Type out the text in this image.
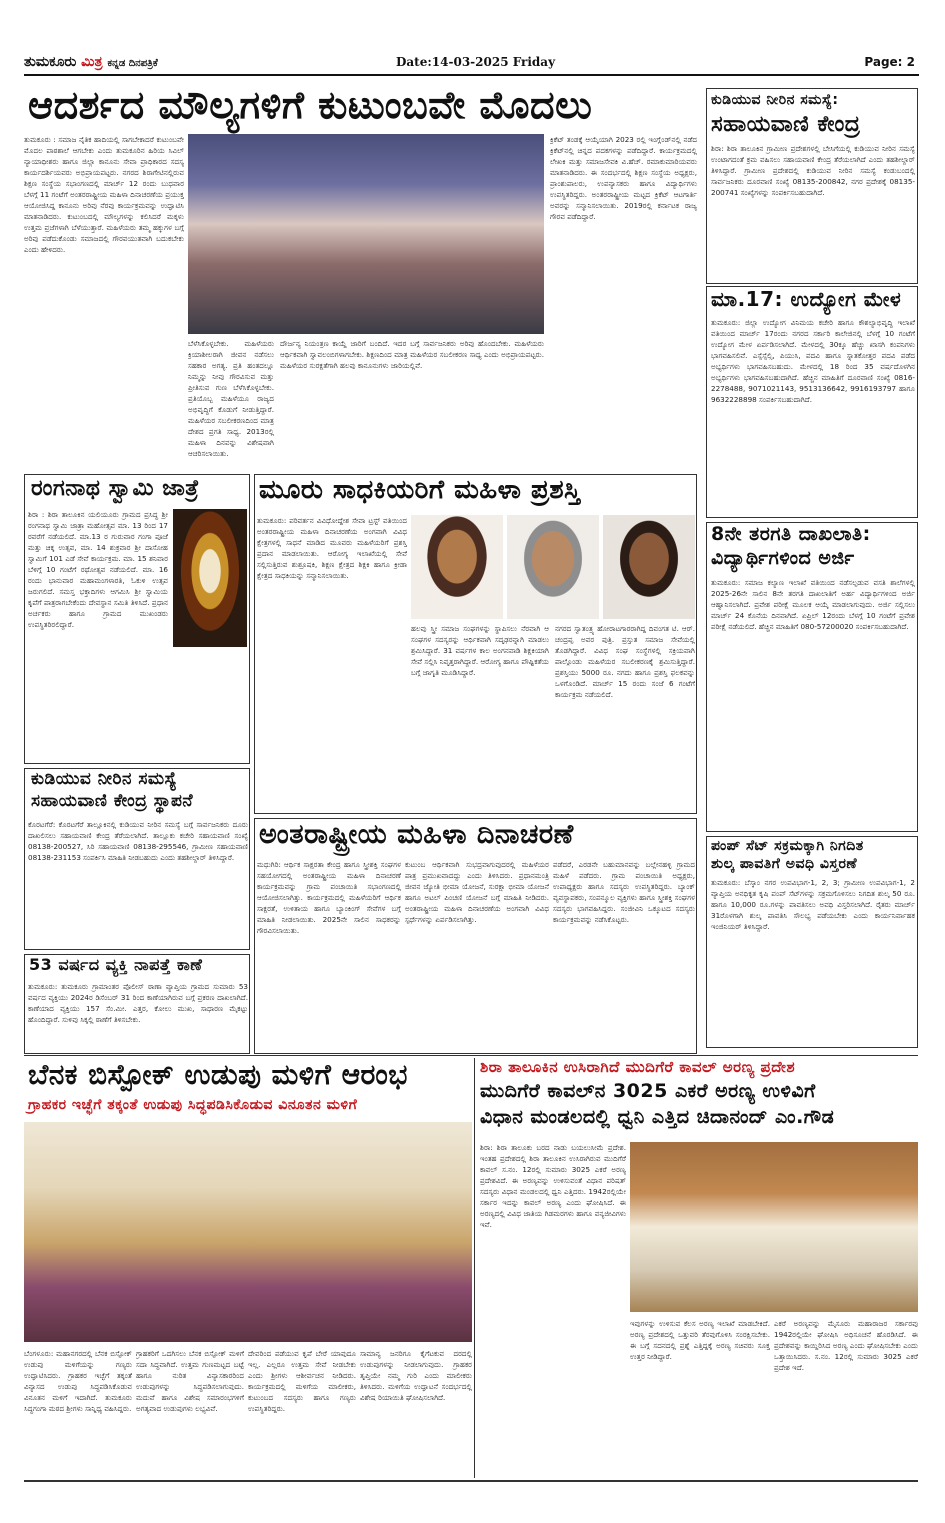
ತುಮಕೂರು ಮಿತ್ರ ಕನ್ನಡ ದಿನಪತ್ರಿಕೆ	Date:14-03-2025 Friday	Page: 2
ಆದರ್ಶದ ಮೌಲ್ಯಗಳಿಗೆ ಕುಟುಂಬವೇ ಮೊದಲು
ತುಮಕೂರು : ಸಮಾಜ ನೈತಿಕ ಹಾದಿಯಲ್ಲಿ ಸಾಗಬೇಕಾದರೆ ಕುಟುಂಬವೇ ಮೊದಲ ಪಾಠಶಾಲೆ ಆಗಬೇಕು ಎಂದು ತುಮಕೂರಿನ ಹಿರಿಯ ಸಿವಿಲ್ ನ್ಯಾಯಾಧೀಶರು ಹಾಗೂ ಜಿಲ್ಲಾ ಕಾನೂನು ಸೇವಾ ಪ್ರಾಧಿಕಾರದ ಸದಸ್ಯ ಕಾರ್ಯದರ್ಶಿಯವರು ಅಭಿಪ್ರಾಯಪಟ್ಟರು. ನಗರದ ಶಿರಾಗೇಟಿನಲ್ಲಿರುವ ಶಿಕ್ಷಣ ಸಂಸ್ಥೆಯ ಸಭಾಂಗಣದಲ್ಲಿ ಮಾರ್ಚ್ 12 ರಂದು ಬುಧವಾರ ಬೆಳಗ್ಗೆ 11 ಗಂಟೆಗೆ ಅಂತರರಾಷ್ಟ್ರೀಯ ಮಹಿಳಾ ದಿನಾಚರಣೆಯ ಪ್ರಯುಕ್ತ ಆಯೋಜಿಸಿದ್ದ ಕಾನೂನು ಅರಿವು ನೆರವು ಕಾರ್ಯಕ್ರಮವನ್ನು ಉದ್ಘಾಟಿಸಿ ಮಾತನಾಡಿದರು. ಕುಟುಂಬದಲ್ಲಿ ಮೌಲ್ಯಗಳನ್ನು ಕಲಿಸಿದರೆ ಮಕ್ಕಳು ಉತ್ತಮ ಪ್ರಜೆಗಳಾಗಿ ಬೆಳೆಯುತ್ತಾರೆ. ಮಹಿಳೆಯರು ತಮ್ಮ ಹಕ್ಕುಗಳ ಬಗ್ಗೆ ಅರಿವು ಪಡೆದುಕೊಂಡು ಸಮಾಜದಲ್ಲಿ ಗೌರವಯುತವಾಗಿ ಬದುಕಬೇಕು ಎಂದು ಹೇಳಿದರು.
ಬೆಳೆಸಿಕೊಳ್ಳಬೇಕು. ಮಹಿಳೆಯರು ಕ್ರಿಯಾಶೀಲರಾಗಿ ಜೀವನ ನಡೆಸಲು ಸಹಕಾರ ಅಗತ್ಯ. ಪ್ರತಿ ಹಂತದಲ್ಲೂ ನಿಮ್ಮನ್ನು ನೀವು ಗೌರವಿಸುವ ಮತ್ತು ಪ್ರೀತಿಸುವ ಗುಣ ಬೆಳೆಸಿಕೊಳ್ಳಬೇಕು. ಪ್ರತಿಯೊಬ್ಬ ಮಹಿಳೆಯೂ ರಾಜ್ಯದ ಅಭಿವೃದ್ಧಿಗೆ ಕೊಡುಗೆ ನೀಡುತ್ತಿದ್ದಾರೆ. ಮಹಿಳೆಯರ ಸಬಲೀಕರಣದಿಂದ ಮಾತ್ರ ದೇಶದ ಪ್ರಗತಿ ಸಾಧ್ಯ. 2013ರಲ್ಲಿ ಮಹಿಳಾ ದಿನವನ್ನು ವಿಶೇಷವಾಗಿ ಆಚರಿಸಲಾಯಿತು.
ದೌರ್ಜನ್ಯ ನಿಯಂತ್ರಣ ಕಾಯ್ದೆ ಜಾರಿಗೆ ಬಂದಿದೆ. ಇದರ ಬಗ್ಗೆ ಸಾರ್ವಜನಿಕರು ಅರಿವು ಹೊಂದಬೇಕು. ಮಹಿಳೆಯರು ಆರ್ಥಿಕವಾಗಿ ಸ್ವಾವಲಂಬಿಗಳಾಗಬೇಕು. ಶಿಕ್ಷಣದಿಂದ ಮಾತ್ರ ಮಹಿಳೆಯರ ಸಬಲೀಕರಣ ಸಾಧ್ಯ ಎಂದು ಅಭಿಪ್ರಾಯಪಟ್ಟರು. ಮಹಿಳೆಯರ ಸುರಕ್ಷತೆಗಾಗಿ ಹಲವು ಕಾನೂನುಗಳು ಜಾರಿಯಲ್ಲಿವೆ.
ಕ್ರಿಕೆಟ್ ತಂಡಕ್ಕೆ ಆಯ್ಕೆಯಾಗಿ 2023 ರಲ್ಲಿ ಇಂಗ್ಲೆಂಡ್‌ನಲ್ಲಿ ನಡೆದ ಕ್ರಿಕೆಟ್‌ನಲ್ಲಿ ಚಿನ್ನದ ಪದಕಗಳನ್ನು ಪಡೆದಿದ್ದಾರೆ. ಕಾರ್ಯಕ್ರಮದಲ್ಲಿ ಲೇಖಕಿ ಮತ್ತು ಸಮಾಜಸೇವಕಿ ವಿ.ಹೆಚ್. ರಮಾಕುಮಾರಿಯವರು ಮಾತನಾಡಿದರು. ಈ ಸಂದರ್ಭದಲ್ಲಿ ಶಿಕ್ಷಣ ಸಂಸ್ಥೆಯ ಅಧ್ಯಕ್ಷರು, ಪ್ರಾಂಶುಪಾಲರು, ಉಪನ್ಯಾಸಕರು ಹಾಗೂ ವಿದ್ಯಾರ್ಥಿಗಳು ಉಪಸ್ಥಿತರಿದ್ದರು. ಅಂತರರಾಷ್ಟ್ರೀಯ ಮಟ್ಟದ ಕ್ರಿಕೆಟ್ ಆಟಗಾರ್ತಿ ಅವರನ್ನು ಸನ್ಮಾನಿಸಲಾಯಿತು. 2019ರಲ್ಲಿ ಕರ್ನಾಟಕ ರಾಜ್ಯ ಗೌರವ ಪಡೆದಿದ್ದಾರೆ.
ಕುಡಿಯುವ ನೀರಿನ ಸಮಸ್ಯೆ:
ಸಹಾಯವಾಣಿ ಕೇಂದ್ರ
ಶಿರಾ: ಶಿರಾ ತಾಲೂಕಿನ ಗ್ರಾಮೀಣ ಪ್ರದೇಶಗಳಲ್ಲಿ ಬೇಸಿಗೆಯಲ್ಲಿ ಕುಡಿಯುವ ನೀರಿನ ಸಮಸ್ಯೆ ಉಂಟಾಗದಂತೆ ಕ್ರಮ ವಹಿಸಲು ಸಹಾಯವಾಣಿ ಕೇಂದ್ರ ತೆರೆಯಲಾಗಿದೆ ಎಂದು ತಹಶೀಲ್ದಾರ್ ತಿಳಿಸಿದ್ದಾರೆ. ಗ್ರಾಮೀಣ ಪ್ರದೇಶದಲ್ಲಿ ಕುಡಿಯುವ ನೀರಿನ ಸಮಸ್ಯೆ ಕಂಡುಬಂದಲ್ಲಿ ಸಾರ್ವಜನಿಕರು ದೂರವಾಣಿ ಸಂಖ್ಯೆ 08135-200842, ನಗರ ಪ್ರದೇಶಕ್ಕೆ 08135-200741 ಸಂಖ್ಯೆಗಳನ್ನು ಸಂಪರ್ಕಿಸಬಹುದಾಗಿದೆ.
ಮಾ.17: ಉದ್ಯೋಗ ಮೇಳ
ತುಮಕೂರು: ಜಿಲ್ಲಾ ಉದ್ಯೋಗ ವಿನಿಮಯ ಕಚೇರಿ ಹಾಗೂ ಕೌಶಲ್ಯಾಭಿವೃದ್ಧಿ ಇಲಾಖೆ ವತಿಯಿಂದ ಮಾರ್ಚ್ 17ರಂದು ನಗರದ ಸರ್ಕಾರಿ ಕಾಲೇಜಿನಲ್ಲಿ ಬೆಳಗ್ಗೆ 10 ಗಂಟೆಗೆ ಉದ್ಯೋಗ ಮೇಳ ಏರ್ಪಡಿಸಲಾಗಿದೆ. ಮೇಳದಲ್ಲಿ 30ಕ್ಕೂ ಹೆಚ್ಚು ಖಾಸಗಿ ಕಂಪನಿಗಳು ಭಾಗವಹಿಸಲಿವೆ. ಎಸ್ಸೆಸ್ಸೆಲ್ಸಿ, ಪಿಯುಸಿ, ಪದವಿ ಹಾಗೂ ಸ್ನಾತಕೋತ್ತರ ಪದವಿ ಪಡೆದ ಅಭ್ಯರ್ಥಿಗಳು ಭಾಗವಹಿಸಬಹುದು. ಮೇಳದಲ್ಲಿ 18 ರಿಂದ 35 ವರ್ಷದೊಳಗಿನ ಅಭ್ಯರ್ಥಿಗಳು ಭಾಗವಹಿಸಬಹುದಾಗಿದೆ. ಹೆಚ್ಚಿನ ಮಾಹಿತಿಗೆ ದೂರವಾಣಿ ಸಂಖ್ಯೆ 0816-2278488, 9071021143, 9513136642, 9916193797 ಹಾಗೂ 9632228898 ಸಂಪರ್ಕಿಸಬಹುದಾಗಿದೆ.
8ನೇ ತರಗತಿ ದಾಖಲಾತಿ:
ವಿದ್ಯಾರ್ಥಿಗಳಿಂದ ಅರ್ಜಿ
ತುಮಕೂರು: ಸಮಾಜ ಕಲ್ಯಾಣ ಇಲಾಖೆ ವತಿಯಿಂದ ನಡೆಸಲ್ಪಡುವ ವಸತಿ ಶಾಲೆಗಳಲ್ಲಿ 2025-26ನೇ ಸಾಲಿನ 8ನೇ ತರಗತಿ ದಾಖಲಾತಿಗೆ ಅರ್ಹ ವಿದ್ಯಾರ್ಥಿಗಳಿಂದ ಅರ್ಜಿ ಆಹ್ವಾನಿಸಲಾಗಿದೆ. ಪ್ರವೇಶ ಪರೀಕ್ಷೆ ಮೂಲಕ ಆಯ್ಕೆ ಮಾಡಲಾಗುವುದು. ಅರ್ಜಿ ಸಲ್ಲಿಸಲು ಮಾರ್ಚ್ 24 ಕೊನೆಯ ದಿನವಾಗಿದೆ. ಏಪ್ರಿಲ್ 12ರಂದು ಬೆಳಗ್ಗೆ 10 ಗಂಟೆಗೆ ಪ್ರವೇಶ ಪರೀಕ್ಷೆ ನಡೆಯಲಿದೆ. ಹೆಚ್ಚಿನ ಮಾಹಿತಿಗೆ 080-57200020 ಸಂಪರ್ಕಿಸಬಹುದಾಗಿದೆ.
ಪಂಪ್ ಸೆಟ್ ಸಕ್ರಮಕ್ಕಾಗಿ ನಿಗದಿತ
ಶುಲ್ಕ ಪಾವತಿಗೆ ಅವಧಿ ವಿಸ್ತರಣೆ
ತುಮಕೂರು: ಬೆಸ್ಕಾಂ ನಗರ ಉಪವಿಭಾಗ-1, 2, 3; ಗ್ರಾಮೀಣ ಉಪವಿಭಾಗ-1, 2 ವ್ಯಾಪ್ತಿಯ ಅನಧಿಕೃತ ಕೃಷಿ ಪಂಪ್ ಸೆಟ್‌ಗಳನ್ನು ಸಕ್ರಮಗೊಳಿಸಲು ನಿಗದಿತ ಶುಲ್ಕ 50 ರೂ. ಹಾಗೂ 10,000 ರೂ.ಗಳನ್ನು ಪಾವತಿಸಲು ಅವಧಿ ವಿಸ್ತರಿಸಲಾಗಿದೆ. ರೈತರು ಮಾರ್ಚ್ 31ರೊಳಗಾಗಿ ಶುಲ್ಕ ಪಾವತಿಸಿ ಸೌಲಭ್ಯ ಪಡೆಯಬೇಕು ಎಂದು ಕಾರ್ಯನಿರ್ವಾಹಕ ಇಂಜಿನಿಯರ್ ತಿಳಿಸಿದ್ದಾರೆ.
ರಂಗನಾಥ ಸ್ವಾಮಿ ಜಾತ್ರೆ
ಶಿರಾ : ಶಿರಾ ತಾಲೂಕಿನ ಯಲಿಯೂರು ಗ್ರಾಮದ ಪ್ರಸಿದ್ಧ ಶ್ರೀ ರಂಗನಾಥ ಸ್ವಾಮಿ ಜಾತ್ರಾ ಮಹೋತ್ಸವ ಮಾ. 13 ರಿಂದ 17 ರವರೆಗೆ ನಡೆಯಲಿದೆ. ಮಾ.13 ರ ಗುರುವಾರ ಗಂಗಾ ಪೂಜೆ ಮತ್ತು ಚಿಕ್ಕ ಉತ್ಸವ, ಮಾ. 14 ಶುಕ್ರವಾರ ಶ್ರೀ ದಾಸೋಹ ಸ್ವಾಮಿಗೆ 101 ಎಡೆ ಸೇವೆ ಕಾರ್ಯಕ್ರಮ. ಮಾ. 15 ಶನಿವಾರ ಬೆಳಿಗ್ಗೆ 10 ಗಂಟೆಗೆ ರಥೋತ್ಸವ ನಡೆಯಲಿದೆ. ಮಾ. 16 ರಂದು ಭಾನುವಾರ ಮಹಾಮಂಗಳಾರತಿ, ಓಕುಳಿ ಉತ್ಸವ ಜರುಗಲಿದೆ. ಸಮಸ್ತ ಭಕ್ತಾದಿಗಳು ಆಗಮಿಸಿ ಶ್ರೀ ಸ್ವಾಮಿಯ ಕೃಪೆಗೆ ಪಾತ್ರರಾಗಬೇಕೆಂದು ದೇವಸ್ಥಾನ ಸಮಿತಿ ತಿಳಿಸಿದೆ. ಪ್ರಧಾನ ಅರ್ಚಕರು ಹಾಗೂ ಗ್ರಾಮದ ಮುಖಂಡರು ಉಪಸ್ಥಿತರಿರಲಿದ್ದಾರೆ.
ಮೂರು ಸಾಧಕಿಯರಿಗೆ ಮಹಿಳಾ ಪ್ರಶಸ್ತಿ
ತುಮಕೂರು: ಪರಿವರ್ತನ ವಿವಿಧೋದ್ದೇಶ ಸೇವಾ ಟ್ರಸ್ಟ್ ವತಿಯಿಂದ ಅಂತರರಾಷ್ಟ್ರೀಯ ಮಹಿಳಾ ದಿನಾಚರಣೆಯ ಅಂಗವಾಗಿ ವಿವಿಧ ಕ್ಷೇತ್ರಗಳಲ್ಲಿ ಸಾಧನೆ ಮಾಡಿದ ಮೂವರು ಮಹಿಳೆಯರಿಗೆ ಪ್ರಶಸ್ತಿ ಪ್ರದಾನ ಮಾಡಲಾಯಿತು. ಆರೋಗ್ಯ ಇಲಾಖೆಯಲ್ಲಿ ಸೇವೆ ಸಲ್ಲಿಸುತ್ತಿರುವ ಶುಶ್ರೂಷಕಿ, ಶಿಕ್ಷಣ ಕ್ಷೇತ್ರದ ಶಿಕ್ಷಕಿ ಹಾಗೂ ಕ್ರೀಡಾ ಕ್ಷೇತ್ರದ ಸಾಧಕಿಯನ್ನು ಸನ್ಮಾನಿಸಲಾಯಿತು.
ಹಲವು ಸ್ತ್ರೀ ಸಮಾಜ ಸಂಘಗಳನ್ನು ಸ್ಥಾಪಿಸಲು ನೆರವಾಗಿ ಆ ಸಂಘಗಳ ಸದಸ್ಯರನ್ನು ಆರ್ಥಿಕವಾಗಿ ಸದೃಢರನ್ನಾಗಿ ಮಾಡಲು ಶ್ರಮಿಸಿದ್ದಾರೆ. 31 ವರ್ಷಗಳ ಕಾಲ ಅಂಗನವಾಡಿ ಶಿಕ್ಷಕಿಯಾಗಿ ಸೇವೆ ಸಲ್ಲಿಸಿ ನಿವೃತ್ತರಾಗಿದ್ದಾರೆ. ಆರೋಗ್ಯ ಹಾಗೂ ಪೌಷ್ಟಿಕತೆಯ ಬಗ್ಗೆ ಜಾಗೃತಿ ಮೂಡಿಸಿದ್ದಾರೆ.
ನಗರದ ಸ್ವಾತಂತ್ರ್ಯ ಹೋರಾಟಗಾರರಾಗಿದ್ದ ದಿವಂಗತ ಟಿ. ಆರ್. ಚಂದ್ರಪ್ಪ ಅವರ ಪುತ್ರಿ. ಪ್ರಸ್ತುತ ಸಮಾಜ ಸೇವೆಯಲ್ಲಿ ತೊಡಗಿದ್ದಾರೆ. ವಿವಿಧ ಸಂಘ ಸಂಸ್ಥೆಗಳಲ್ಲಿ ಸಕ್ರಿಯವಾಗಿ ಪಾಲ್ಗೊಂಡು ಮಹಿಳೆಯರ ಸಬಲೀಕರಣಕ್ಕೆ ಶ್ರಮಿಸುತ್ತಿದ್ದಾರೆ. ಪ್ರಶಸ್ತಿಯು 5000 ರೂ. ನಗದು ಹಾಗೂ ಪ್ರಶಸ್ತಿ ಫಲಕವನ್ನು ಒಳಗೊಂಡಿದೆ. ಮಾರ್ಚ್ 15 ರಂದು ಸಂಜೆ 6 ಗಂಟೆಗೆ ಕಾರ್ಯಕ್ರಮ ನಡೆಯಲಿದೆ.
ಕುಡಿಯುವ ನೀರಿನ ಸಮಸ್ಯೆ
ಸಹಾಯವಾಣಿ ಕೇಂದ್ರ ಸ್ಥಾಪನೆ
ಕೊರಟಗೆರೆ: ಕೊರಟಗೆರೆ ತಾಲ್ಲೂಕಿನಲ್ಲಿ ಕುಡಿಯುವ ನೀರಿನ ಸಮಸ್ಯೆ ಬಗ್ಗೆ ಸಾರ್ವಜನಿಕರು ದೂರು ದಾಖಲಿಸಲು ಸಹಾಯವಾಣಿ ಕೇಂದ್ರ ತೆರೆಯಲಾಗಿದೆ. ತಾಲ್ಲೂಕು ಕಚೇರಿ ಸಹಾಯವಾಣಿ ಸಂಖ್ಯೆ 08138-200527, ಸಿರಿ ಸಹಾಯವಾಣಿ 08138-295546, ಗ್ರಾಮೀಣ ಸಹಾಯವಾಣಿ 08138-231153 ಸಂಪರ್ಕಿಸಿ ಮಾಹಿತಿ ನೀಡಬಹುದು ಎಂದು ತಹಶೀಲ್ದಾರ್ ತಿಳಿಸಿದ್ದಾರೆ.
53 ವರ್ಷದ ವ್ಯಕ್ತಿ ನಾಪತ್ತೆ ಕಾಣೆ
ತುಮಕೂರು: ತುಮಕೂರು ಗ್ರಾಮಾಂತರ ಪೊಲೀಸ್ ಠಾಣಾ ವ್ಯಾಪ್ತಿಯ ಗ್ರಾಮದ ಸುಮಾರು 53 ವರ್ಷದ ವ್ಯಕ್ತಿಯು 2024ರ ಡಿಸೆಂಬರ್ 31 ರಿಂದ ಕಾಣೆಯಾಗಿರುವ ಬಗ್ಗೆ ಪ್ರಕರಣ ದಾಖಲಾಗಿದೆ. ಕಾಣೆಯಾದ ವ್ಯಕ್ತಿಯು 157 ಸೆಂ.ಮೀ. ಎತ್ತರ, ಕೋಲು ಮುಖ, ಸಾಧಾರಣ ಮೈಕಟ್ಟು ಹೊಂದಿದ್ದಾರೆ. ಸುಳಿವು ಸಿಕ್ಕಲ್ಲಿ ಠಾಣೆಗೆ ತಿಳಿಸಬೇಕು.
ಅಂತರಾಷ್ಟ್ರೀಯ ಮಹಿಳಾ ದಿನಾಚರಣೆ
ಮಧುಗಿರಿ: ಆರ್ಥಿಕ ಸಾಕ್ಷರತಾ ಕೇಂದ್ರ ಹಾಗೂ ಸ್ತ್ರೀಶಕ್ತಿ ಸಂಘಗಳ ಸಹಯೋಗದಲ್ಲಿ ಅಂತರಾಷ್ಟ್ರೀಯ ಮಹಿಳಾ ದಿನಾಚರಣೆ ಕಾರ್ಯಕ್ರಮವನ್ನು ಗ್ರಾಮ ಪಂಚಾಯಿತಿ ಸಭಾಂಗಣದಲ್ಲಿ ಆಯೋಜಿಸಲಾಗಿತ್ತು. ಕಾರ್ಯಕ್ರಮದಲ್ಲಿ ಮಹಿಳೆಯರಿಗೆ ಆರ್ಥಿಕ ಸಾಕ್ಷರತೆ, ಉಳಿತಾಯ ಹಾಗೂ ಬ್ಯಾಂಕಿಂಗ್ ಸೇವೆಗಳ ಬಗ್ಗೆ ಮಾಹಿತಿ ನೀಡಲಾಯಿತು. 2025ನೇ ಸಾಲಿನ ಸಾಧಕರನ್ನು ಗೌರವಿಸಲಾಯಿತು.
ಕುಟುಂಬ ಆರ್ಥಿಕವಾಗಿ ಸುಭದ್ರವಾಗುವುದರಲ್ಲಿ ಮಹಿಳೆಯರ ಪಾತ್ರ ಪ್ರಮುಖವಾದದ್ದು ಎಂದು ತಿಳಿಸಿದರು. ಪ್ರಧಾನಮಂತ್ರಿ ಜೀವನ ಜ್ಯೋತಿ ಭೀಮಾ ಯೋಜನೆ, ಸುರಕ್ಷಾ ಭೀಮಾ ಯೋಜನೆ ಹಾಗೂ ಅಟಲ್ ಪಿಂಚಣಿ ಯೋಜನೆ ಬಗ್ಗೆ ಮಾಹಿತಿ ನೀಡಿದರು. ಅಂತರಾಷ್ಟ್ರೀಯ ಮಹಿಳಾ ದಿನಾಚರಣೆಯ ಅಂಗವಾಗಿ ವಿವಿಧ ಸ್ಪರ್ಧೆಗಳನ್ನು ಏರ್ಪಡಿಸಲಾಗಿತ್ತು.
ಪಡೆದರೆ, ಎರಡನೇ ಬಹುಮಾನವನ್ನು ಬಲ್ಲೇನಹಳ್ಳಿ ಗ್ರಾಮದ ಮಹಿಳೆ ಪಡೆದರು. ಗ್ರಾಮ ಪಂಚಾಯಿತಿ ಅಧ್ಯಕ್ಷರು, ಉಪಾಧ್ಯಕ್ಷರು ಹಾಗೂ ಸದಸ್ಯರು ಉಪಸ್ಥಿತರಿದ್ದರು. ಬ್ಯಾಂಕ್ ವ್ಯವಸ್ಥಾಪಕರು, ಸಂಪನ್ಮೂಲ ವ್ಯಕ್ತಿಗಳು ಹಾಗೂ ಸ್ತ್ರೀಶಕ್ತಿ ಸಂಘಗಳ ಸದಸ್ಯರು ಭಾಗವಹಿಸಿದ್ದರು. ಸಂಜೀವಿನಿ ಒಕ್ಕೂಟದ ಸದಸ್ಯರು ಕಾರ್ಯಕ್ರಮವನ್ನು ನಡೆಸಿಕೊಟ್ಟರು.
ಬೆನಕ ಬಿಸ್ಪೋಕ್ ಉಡುಪು ಮಳಿಗೆ ಆರಂಭ
ಗ್ರಾಹಕರ ಇಚ್ಛೆಗೆ ತಕ್ಕಂತೆ ಉಡುಪು ಸಿದ್ಧಪಡಿಸಿಕೊಡುವ ವಿನೂತನ ಮಳಿಗೆ
ಬೆಂಗಳೂರು: ಮಹಾನಗರದಲ್ಲಿ ಬೆನಕ ಬಿಸ್ಪೋಕ್ ಉಡುಪು ಮಳಿಗೆಯನ್ನು ಗಣ್ಯರು ಉದ್ಘಾಟಿಸಿದರು. ಗ್ರಾಹಕರ ಇಚ್ಛೆಗೆ ತಕ್ಕಂತೆ ವಿನ್ಯಾಸದ ಉಡುಪು ಸಿದ್ಧಪಡಿಸಿಕೊಡುವ ವಿನೂತನ ಮಳಿಗೆ ಇದಾಗಿದೆ. ತುಮಕೂರು ಸಿದ್ಧಗಂಗಾ ಮಠದ ಶ್ರೀಗಳು ಸಾನ್ನಿಧ್ಯ ವಹಿಸಿದ್ದರು.
ಗ್ರಾಹಕರಿಗೆ ಒದಗಿಸಲು ಬೆನಕ ಬಿಸ್ಪೋಕ್ ಮಳಿಗೆ ಸದಾ ಸಿದ್ಧವಾಗಿದೆ. ಉತ್ತಮ ಗುಣಮಟ್ಟದ ಬಟ್ಟೆ ಹಾಗೂ ನುರಿತ ವಿನ್ಯಾಸಕಾರರಿಂದ ಉಡುಪುಗಳನ್ನು ಸಿದ್ಧಪಡಿಸಲಾಗುವುದು. ಮದುವೆ ಹಾಗೂ ವಿಶೇಷ ಸಮಾರಂಭಗಳಿಗೆ ಅಗತ್ಯವಾದ ಉಡುಪುಗಳು ಲಭ್ಯವಿವೆ.
ದೇವರಿಂದ ಪಡೆಯುವ ಕೃಪೆ ಬೇರೆ ಯಾವುದೂ ಇಲ್ಲ. ಎಲ್ಲರೂ ಉತ್ತಮ ಸೇವೆ ನೀಡಬೇಕು ಎಂದು ಶ್ರೀಗಳು ಆಶೀರ್ವಚನ ನೀಡಿದರು. ಕಾರ್ಯಕ್ರಮದಲ್ಲಿ ಮಳಿಗೆಯ ಮಾಲೀಕರು, ಕುಟುಂಬದ ಸದಸ್ಯರು ಹಾಗೂ ಗಣ್ಯರು ಉಪಸ್ಥಿತರಿದ್ದರು.
ಸಾಮಾನ್ಯ ಜನರಿಗೂ ಕೈಗೆಟಕುವ ದರದಲ್ಲಿ ಉಡುಪುಗಳನ್ನು ನೀಡಲಾಗುವುದು. ಗ್ರಾಹಕರ ತೃಪ್ತಿಯೇ ನಮ್ಮ ಗುರಿ ಎಂದು ಮಾಲೀಕರು ತಿಳಿಸಿದರು. ಮಳಿಗೆಯ ಉದ್ಘಾಟನೆ ಸಂದರ್ಭದಲ್ಲಿ ವಿಶೇಷ ರಿಯಾಯಿತಿ ಘೋಷಿಸಲಾಗಿದೆ.
ಶಿರಾ ತಾಲೂಕಿನ ಉಸಿರಾಗಿದೆ ಮುದಿಗೆರೆ ಕಾವಲ್ ಅರಣ್ಯ ಪ್ರದೇಶ
ಮುದಿಗೆರೆ ಕಾವಲ್‌ನ 3025 ಎಕರೆ ಅರಣ್ಯ ಉಳಿವಿಗೆ
ವಿಧಾನ ಮಂಡಲದಲ್ಲಿ ಧ್ವನಿ ಎತ್ತಿದ ಚಿದಾನಂದ್ ಎಂ.ಗೌಡ
ಶಿರಾ: ಶಿರಾ ತಾಲೂಕು ಬರದ ನಾಡು ಬಯಲುಸೀಮೆ ಪ್ರದೇಶ. ಇಂತಹ ಪ್ರದೇಶದಲ್ಲಿ ಶಿರಾ ತಾಲೂಕಿನ ಉಸಿರಾಗಿರುವ ಮುದಿಗೆರೆ ಕಾವಲ್ ಸ.ನಂ. 12ರಲ್ಲಿ ಸುಮಾರು 3025 ಎಕರೆ ಅರಣ್ಯ ಪ್ರದೇಶವಿದೆ. ಈ ಅರಣ್ಯವನ್ನು ಉಳಿಸುವಂತೆ ವಿಧಾನ ಪರಿಷತ್ ಸದಸ್ಯರು ವಿಧಾನ ಮಂಡಲದಲ್ಲಿ ಧ್ವನಿ ಎತ್ತಿದರು. 1942ರಲ್ಲಿಯೇ ಸರ್ಕಾರ ಇದನ್ನು ಕಾವಲ್ ಅರಣ್ಯ ಎಂದು ಘೋಷಿಸಿದೆ. ಈ ಅರಣ್ಯದಲ್ಲಿ ವಿವಿಧ ಜಾತಿಯ ಗಿಡಮರಗಳು ಹಾಗೂ ವನ್ಯಜೀವಿಗಳು ಇವೆ.
ಇವುಗಳನ್ನು ಉಳಿಸುವ ಕೆಲಸ ಅರಣ್ಯ ಇಲಾಖೆ ಮಾಡಬೇಕಿದೆ. ಅರಣ್ಯ ಪ್ರದೇಶದಲ್ಲಿ ಒತ್ತುವರಿ ತೆರವುಗೊಳಿಸಿ ಸಂರಕ್ಷಿಸಬೇಕು. ಈ ಬಗ್ಗೆ ಸದನದಲ್ಲಿ ಪ್ರಶ್ನೆ ಎತ್ತಿದ್ದಕ್ಕೆ ಅರಣ್ಯ ಸಚಿವರು ಸೂಕ್ತ ಉತ್ತರ ನೀಡಿದ್ದಾರೆ.
ಎಕರೆ ಅರಣ್ಯವನ್ನು ಮೈಸೂರು ಮಹಾರಾಜರ ಸರ್ಕಾರವು 1942ರಲ್ಲಿಯೇ ಘೋಷಿಸಿ ಅಧಿಸೂಚನೆ ಹೊರಡಿಸಿದೆ. ಈ ಪ್ರದೇಶವನ್ನು ಕಾಯ್ದಿರಿಸಿದ ಅರಣ್ಯ ಎಂದು ಘೋಷಿಸಬೇಕು ಎಂದು ಒತ್ತಾಯಿಸಿದರು. ಸ.ನಂ. 12ರಲ್ಲಿ ಸುಮಾರು 3025 ಎಕರೆ ಪ್ರದೇಶ ಇದೆ.
